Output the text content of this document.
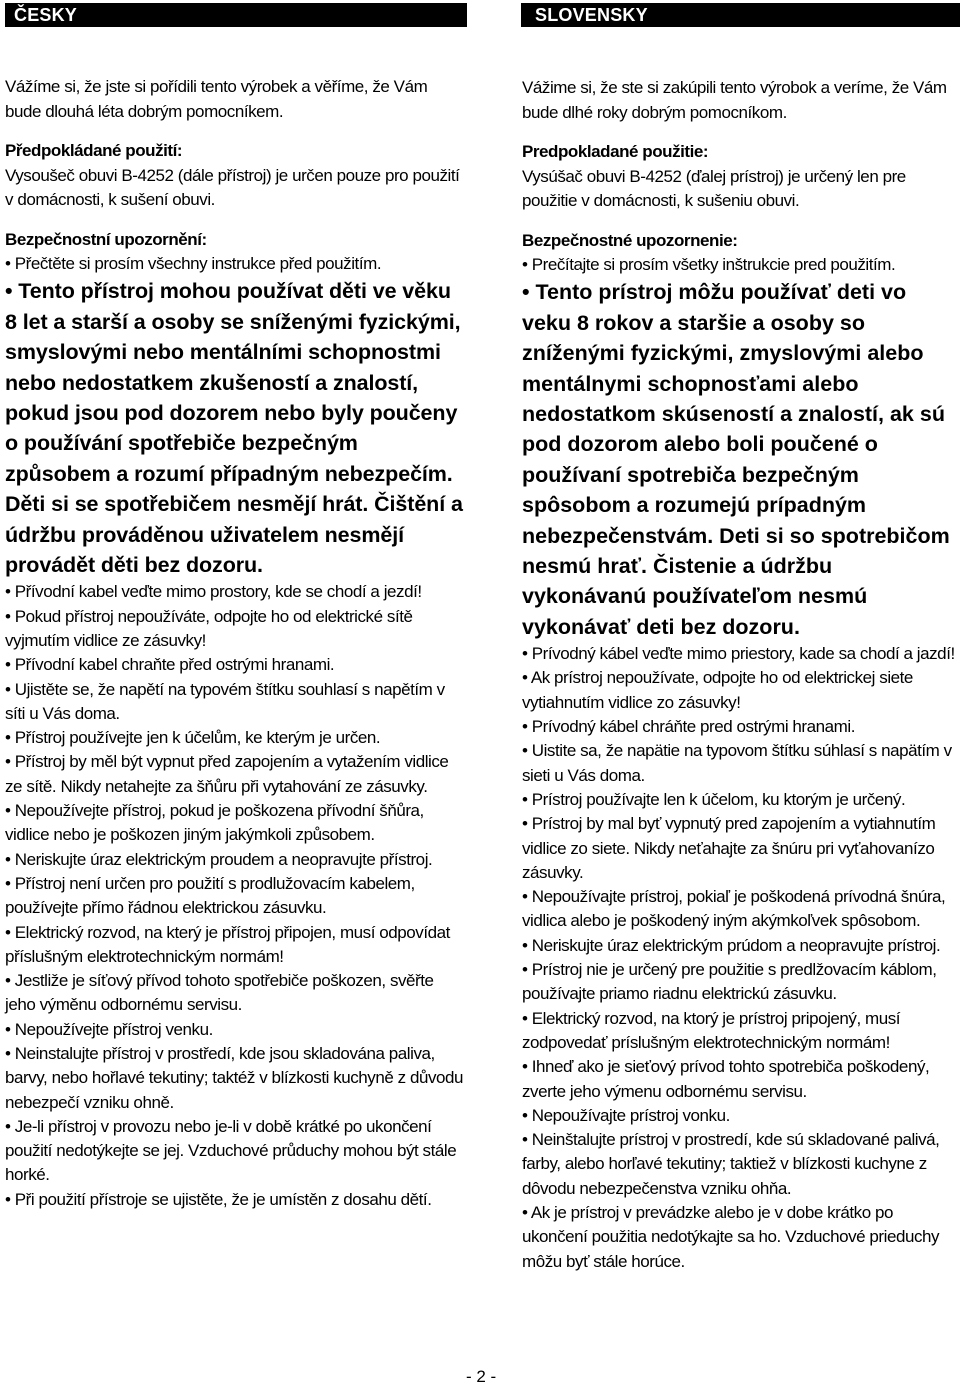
ČESKY

Vážíme si, že jste si pořídili tento výrobek a věříme, že Vám bude dlouhá léta dobrým pomocníkem.

Předpokládané použití:

Vysoušeč obuvi B-4252 (dále přístroj) je určen pouze pro použití v domácnosti, k sušení obuvi.

Bezpečnostní upozornění:

• Přečtěte si prosím všechny instrukce před použitím.

• Tento přístroj mohou používat děti ve věku 8 let a starší a osoby se sníženými fyzickými, smyslovými nebo mentálními schopnostmi nebo nedostatkem zkušeností a znalostí, pokud jsou pod dozorem nebo byly poučeny o používání spotřebiče bezpečným způsobem a rozumí případným nebezpečím. Děti si se spotřebičem nesmějí hrát. Čištění a údržbu prováděnou uživatelem nesmějí provádět děti bez dozoru.

• Přívodní kabel veďte mimo prostory, kde se chodí a jezdí!

• Pokud přístroj nepoužíváte, odpojte ho od elektrické sítě vyjmutím vidlice ze zásuvky!

• Přívodní kabel chraňte před ostrými hranami.

• Ujistěte se, že napětí na typovém štítku souhlasí s napětím v síti u Vás doma.

• Přístroj používejte jen k účelům, ke kterým je určen.

• Přístroj by měl být vypnut před zapojením a vytažením vidlice ze sítě. Nikdy netahejte za šňůru při vytahování ze zásuvky.

• Nepoužívejte přístroj, pokud je poškozena přívodní šňůra, vidlice nebo je poškozen jiným jakýmkoli způsobem.

• Neriskujte úraz elektrickým proudem a neopravujte přístroj.

• Přístroj není určen pro použití s prodlužovacím kabelem, používejte přímo řádnou elektrickou zásuvku.

• Elektrický rozvod, na který je přístroj připojen, musí odpovídat příslušným elektrotechnickým normám!

• Jestliže je síťový přívod tohoto spotřebiče poškozen, svěřte jeho výměnu odbornému servisu.

• Nepoužívejte přístroj venku.

• Neinstalujte přístroj v prostředí, kde jsou skladována paliva, barvy, nebo hořlavé tekutiny; taktéž v blízkosti kuchyně z důvodu nebezpečí vzniku ohně.

• Je-li přístroj v provozu nebo je-li v době krátké po ukončení použití nedotýkejte se jej. Vzduchové průduchy mohou být stále horké.

• Při použití přístroje se ujistěte, že je umístěn z dosahu dětí.

SLOVENSKY

Vážime si, že ste si zakúpili tento výrobok a veríme, že Vám bude dlhé roky dobrým pomocníkom.

Predpokladané použitie:

Vysúšač obuvi B-4252 (ďalej prístroj) je určený len pre použitie v domácnosti, k sušeniu obuvi.

Bezpečnostné upozornenie:

• Prečítajte si prosím všetky inštrukcie pred použitím.

• Tento prístroj môžu používať deti vo veku 8 rokov a staršie a osoby so zníženými fyzickými, zmyslovými alebo mentálnymi schopnosťami alebo nedostatkom skúseností a znalostí, ak sú pod dozorom alebo boli poučené o používaní spotrebiča bezpečným spôsobom a rozumejú prípadným nebezpečenstvám. Deti si so spotrebičom nesmú hrať. Čistenie a údržbu vykonávanú používateľom nesmú vykonávať deti bez dozoru.

• Prívodný kábel veďte mimo priestory, kade sa chodí a jazdí!

• Ak prístroj nepoužívate, odpojte ho od elektrickej siete vytiahnutím vidlice zo zásuvky!

• Prívodný kábel chráňte pred ostrými hranami.

• Uistite sa, že napätie na typovom štítku súhlasí s napätím v sieti u Vás doma.

• Prístroj používajte len k účelom, ku ktorým je určený.

• Prístroj by mal byť vypnutý pred zapojením a vytiahnutím vidlice zo siete. Nikdy neťahajte za šnúru pri vyťahovanízo zásuvky.

• Nepoužívajte prístroj, pokiaľ je poškodená prívodná šnúra, vidlica alebo je poškodený iným akýmkoľvek spôsobom.

• Neriskujte úraz elektrickým prúdom a neopravujte prístroj.

• Prístroj nie je určený pre použitie s predlžovacím káblom, používajte priamo riadnu elektrickú zásuvku.

• Elektrický rozvod, na ktorý je prístroj pripojený, musí zodpovedať príslušným elektrotechnickým normám!

• Ihneď ako je sieťový prívod tohto spotrebiča poškodený, zverte jeho výmenu odbornému servisu.

• Nepoužívajte prístroj vonku.

• Neinštalujte prístroj v prostredí, kde sú skladované palivá, farby, alebo horľavé tekutiny; taktiež v blízkosti kuchyne z dôvodu nebezpečenstva vzniku ohňa.

• Ak je prístroj v prevádzke alebo je v dobe krátko po ukončení použitia nedotýkajte sa ho. Vzduchové prieduchy môžu byť stále horúce.

- 2 -
